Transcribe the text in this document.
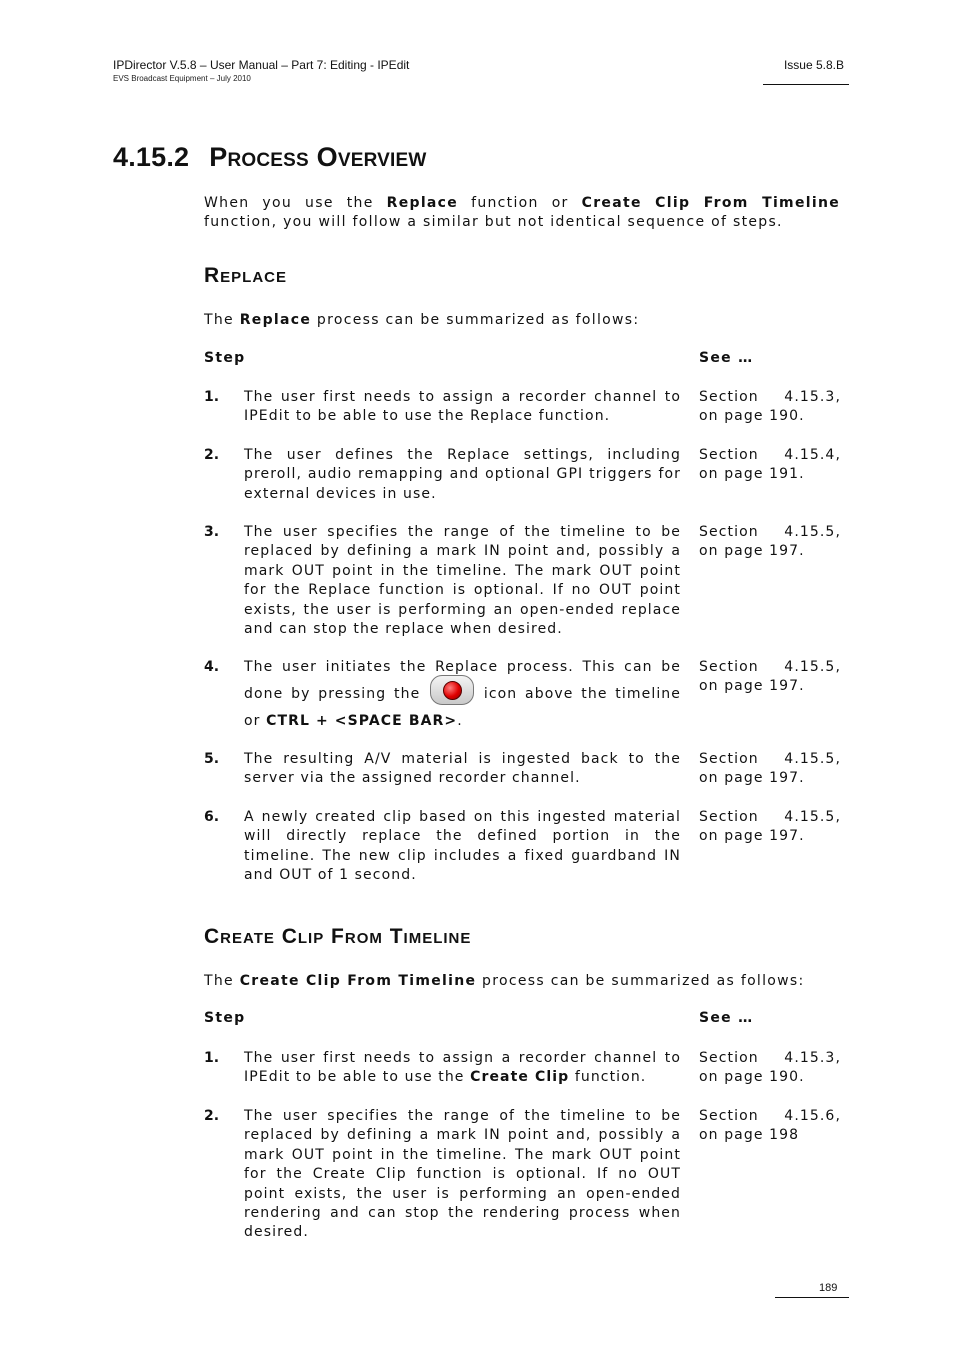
IPDirector V.5.8 – User Manual – Part 7: Editing - IPEdit
EVS Broadcast Equipment – July 2010
Issue 5.8.B
4.15.2 Process Overview

When you use the Replace function or Create Clip From Timeline function, you will follow a similar but not identical sequence of steps.

Replace

The Replace process can be summarized as follows:

Step	See …
1. The user first needs to assign a recorder channel to IPEdit to be able to use the Replace function.
Section 4.15.3, on page 190.
2. The user defines the Replace settings, including preroll, audio remapping and optional GPI triggers for external devices in use.
Section 4.15.4, on page 191.
3. The user specifies the range of the timeline to be replaced by defining a mark IN point and, possibly a mark OUT point in the timeline. The mark OUT point for the Replace function is optional. If no OUT point exists, the user is performing an open-ended replace and can stop the replace when desired.
Section 4.15.5, on page 197.
4. The user initiates the Replace process. This can be done by pressing the	icon above the timeline or CTRL + <SPACE BAR>.
Section 4.15.5, on page 197.
5. The resulting A/V material is ingested back to the server via the assigned recorder channel.
Section 4.15.5, on page 197.
6. A newly created clip based on this ingested material will directly replace the defined portion in the timeline. The new clip includes a fixed guardband IN and OUT of 1 second.
Section 4.15.5, on page 197.
Create Clip From Timeline

The Create Clip From Timeline process can be summarized as follows:

Step	See …
1. The user first needs to assign a recorder channel to IPEdit to be able to use the Create Clip function.
Section 4.15.3, on page 190.
2. The user specifies the range of the timeline to be replaced by defining a mark IN point and, possibly a mark OUT point in the timeline. The mark OUT point for the Create Clip function is optional. If no OUT point exists, the user is performing an open-ended rendering and can stop the rendering process when desired.
Section 4.15.6, on page 198
189
